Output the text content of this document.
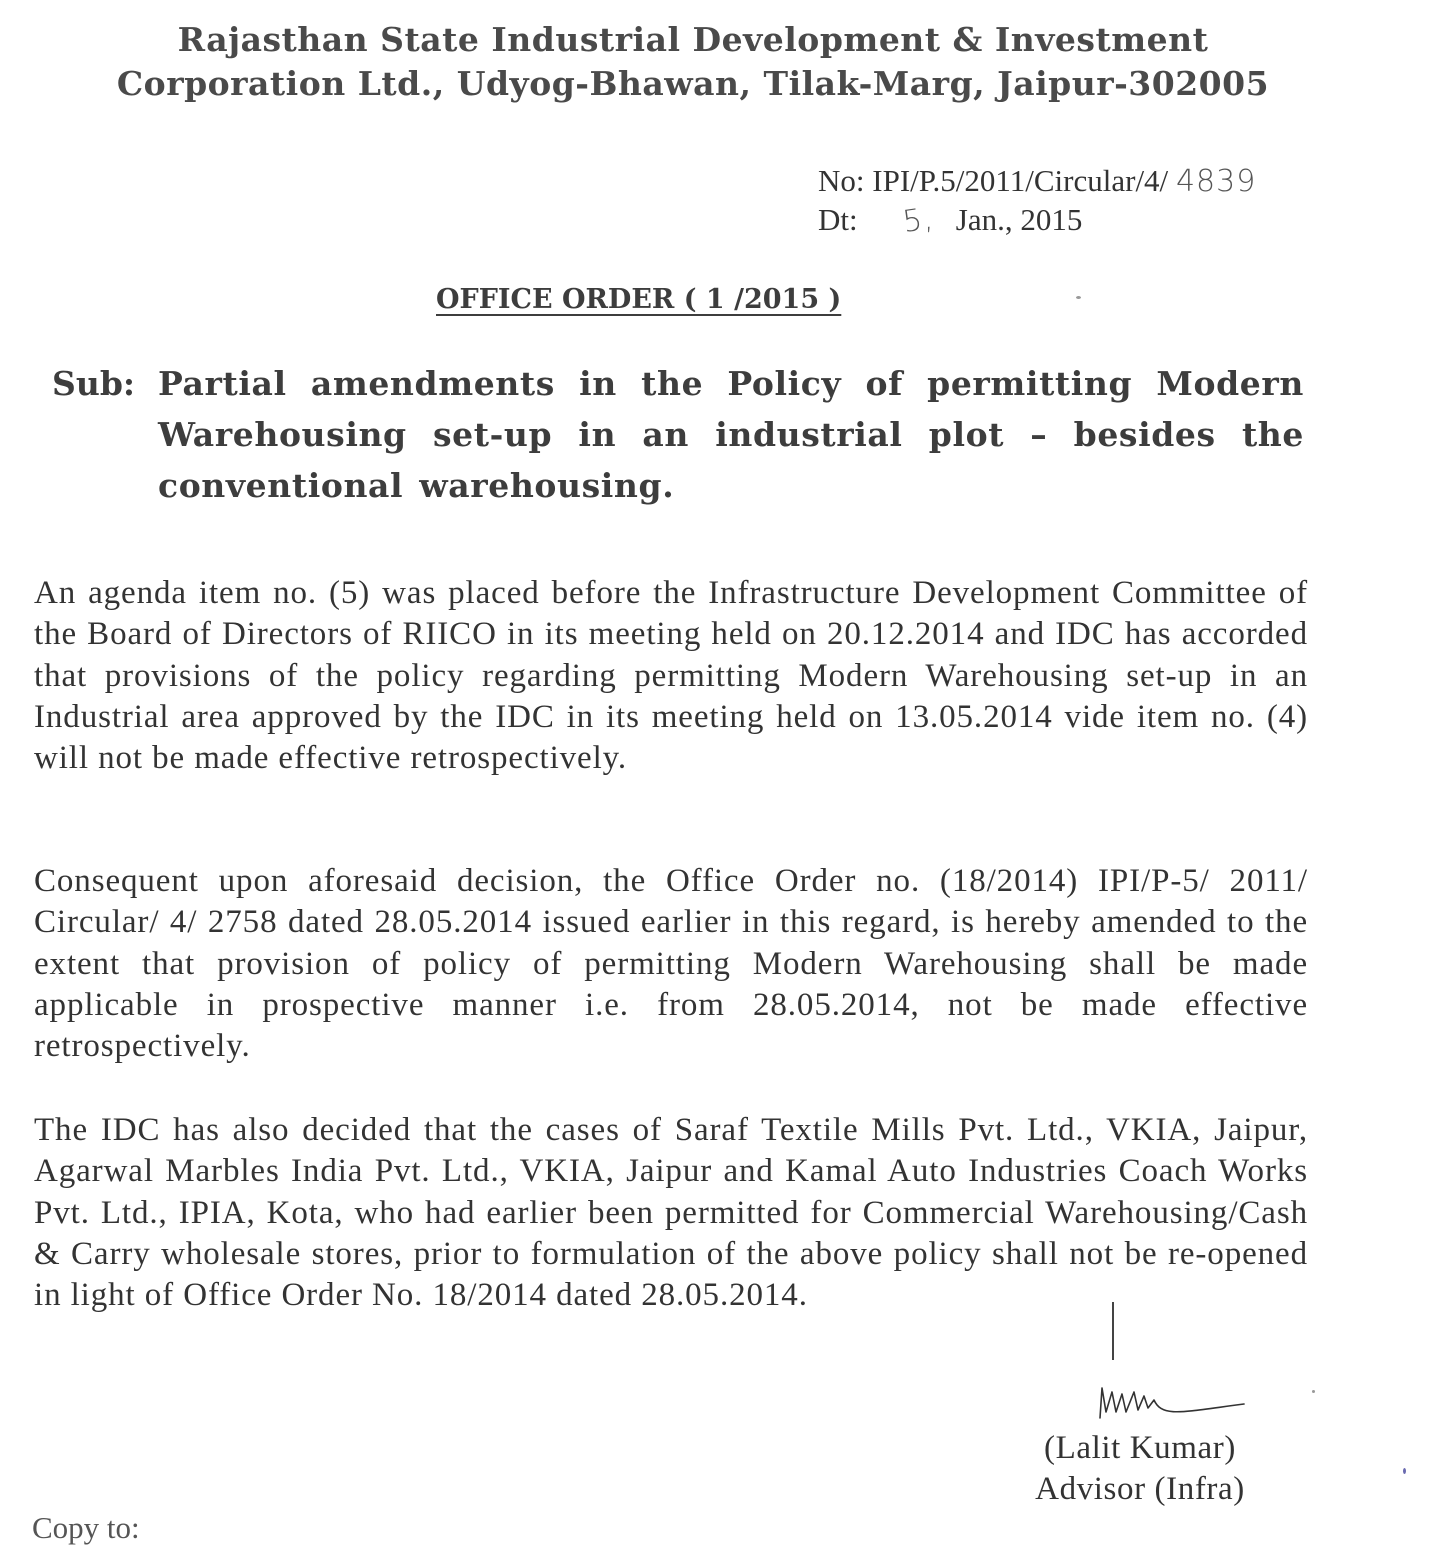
Rajasthan State Industrial Development & Investment
Corporation Ltd., Udyog-Bhawan, Tilak-Marg, Jaipur-302005
No: IPI/P.5/2011/Circular/4/ 4839
Dt: 5, Jan., 2015
OFFICE ORDER ( 1 /2015 )
Sub: Partial amendments in the Policy of permitting Modern Warehousing set-up in an industrial plot – besides the conventional warehousing.

An agenda item no. (5) was placed before the Infrastructure Development Committee of the Board of Directors of RIICO in its meeting held on 20.12.2014 and IDC has accorded that provisions of the policy regarding permitting Modern Warehousing set-up in an Industrial area approved by the IDC in its meeting held on 13.05.2014 vide item no. (4) will not be made effective retrospectively.

Consequent upon aforesaid decision, the Office Order no. (18/2014) IPI/P-5/ 2011/ Circular/ 4/ 2758 dated 28.05.2014 issued earlier in this regard, is hereby amended to the extent that provision of policy of permitting Modern Warehousing shall be made applicable in prospective manner i.e. from 28.05.2014, not be made effective retrospectively.

The IDC has also decided that the cases of Saraf Textile Mills Pvt. Ltd., VKIA, Jaipur, Agarwal Marbles India Pvt. Ltd., VKIA, Jaipur and Kamal Auto Industries Coach Works Pvt. Ltd., IPIA, Kota, who had earlier been permitted for Commercial Warehousing/Cash & Carry wholesale stores, prior to formulation of the above policy shall not be re-opened in light of Office Order No. 18/2014 dated 28.05.2014.

(Lalit Kumar)
Advisor (Infra)
Copy to:
